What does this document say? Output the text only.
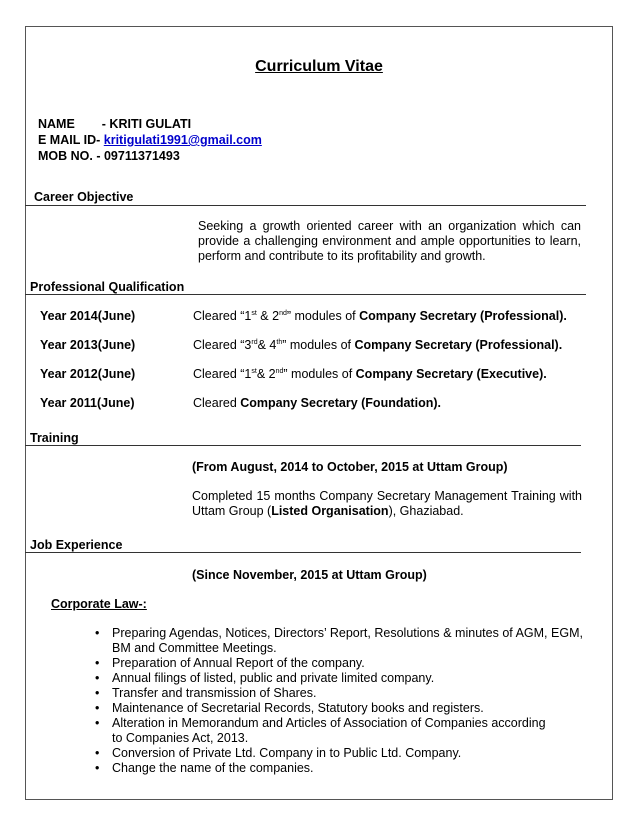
Curriculum Vitae
NAME - KRITI GULATI
E MAIL ID- kritigulati1991@gmail.com
MOB NO. - 09711371493
Career Objective
Seeking a growth oriented career with an organization which can provide a challenging environment and ample opportunities to learn, perform and contribute to its profitability and growth.
Professional Qualification
Year 2014(June)	Cleared “1st & 2nd” modules of Company Secretary (Professional).
Year 2013(June)	Cleared “3rd& 4th” modules of Company Secretary (Professional).
Year 2012(June)	Cleared “1st& 2nd” modules of Company Secretary (Executive).
Year 2011(June)	Cleared Company Secretary (Foundation).
Training
(From August, 2014 to October, 2015 at Uttam Group)
Completed 15 months Company Secretary Management Training with Uttam Group (Listed Organisation), Ghaziabad.
Job Experience
(Since November, 2015 at Uttam Group)
Corporate Law-:
• Preparing Agendas, Notices, Directors’ Report, Resolutions & minutes of AGM, EGM, BM and Committee Meetings.
• Preparation of Annual Report of the company.
• Annual filings of listed, public and private limited company.
• Transfer and transmission of Shares.
• Maintenance of Secretarial Records, Statutory books and registers.
• Alteration in Memorandum and Articles of Association of Companies according to Companies Act, 2013.
• Conversion of Private Ltd. Company in to Public Ltd. Company.
• Change the name of the companies.
